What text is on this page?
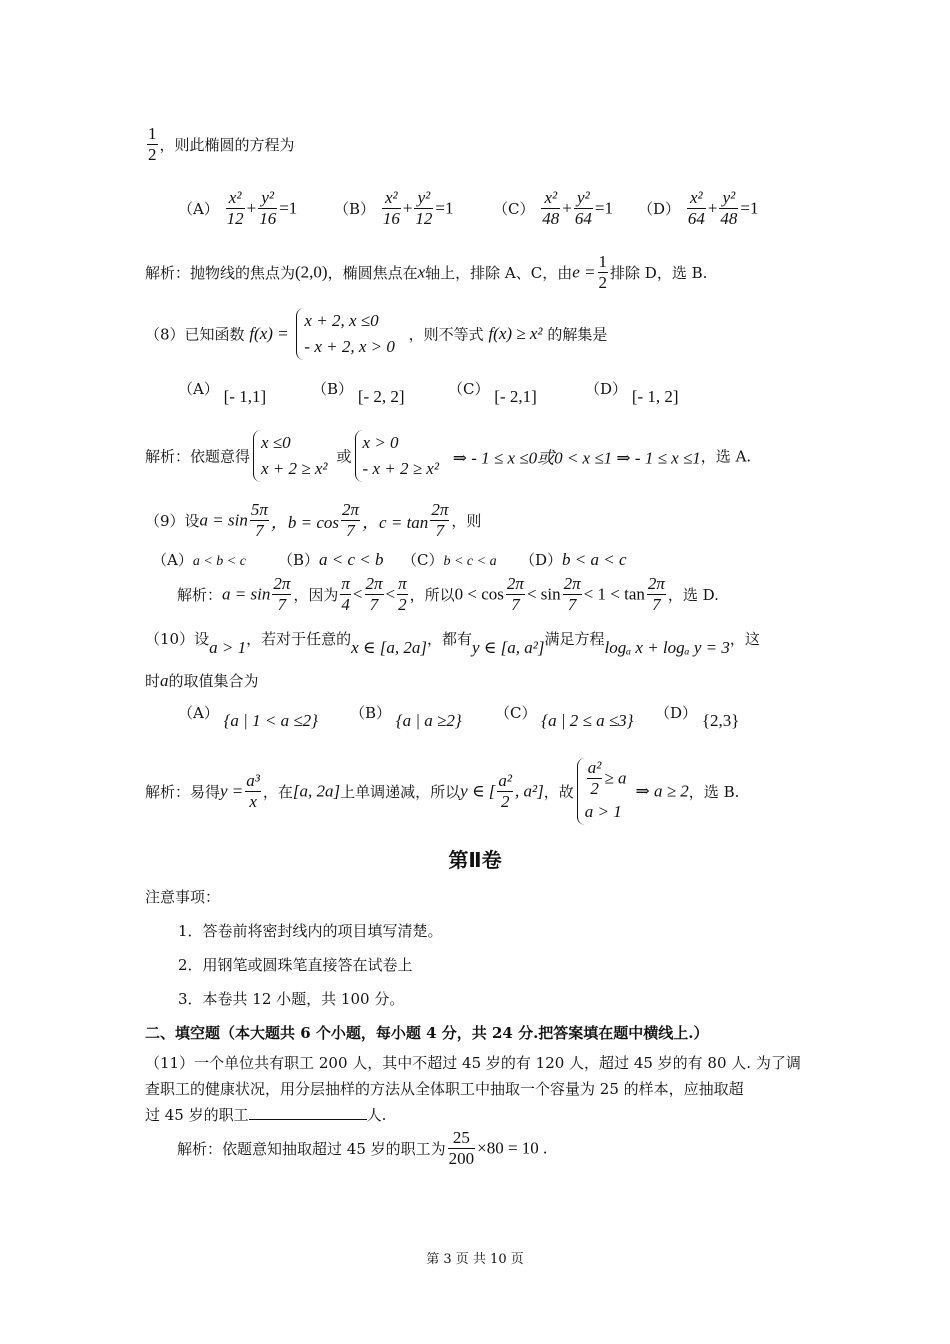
$\frac{1}{2}$ ，则此椭圆的方程为
$(A) \frac{\text{x²}}{12} + \frac{\text{y²}}{16} =1$ $(B) \frac{\text{x²}}{16} + \frac{\text{y²}}{12} =1$	$(C) \frac{\text{x²}}{48} + \frac{\text{y²}}{64} =1$ $(D) \frac{\text{x²}}{64} + \frac{\text{y²}}{48} =1$
解析：抛物线的焦点为(2,0)，椭圆焦点在x轴上，排除 A、C，由$e = \frac{1}{2}$ 排除 D，选 B.
（8）已知函数 f(x) =
x + 2, x ≤0
- x + 2, x > 0
，则不等式 f(x) ≥ x² 的解集是
（A） [- 1,1]	（B） [- 2, 2]	（C） [- 2,1]	（D） [- 1, 2]
解析：依题意得
x ≤0
x + 2 ≥ x²
或
x > 0
- x + 2 ≥ x²
⇒ - 1 ≤ x ≤0或0 < x ≤1 ⇒ - 1 ≤ x ≤1，选 A.
（9）设$a = \sin \frac{5\pi}{7}$ ，$b = \cos \frac{2\pi}{7}$ ，$c = \tan \frac{2\pi}{7}$ ，则
（A）a < b < c （B）a < c < b （C）b < c < a （D）b < a < c
解析：$a = \sin \frac{2\pi}{7}$ ，因为 $\frac{\pi}{4} < \frac{2\pi}{7} < \frac{\pi}{2}$ ，所以$0 < \cos \frac{2\pi}{7} < \sin \frac{2\pi}{7} < 1 < \tan \frac{2\pi}{7}$ ，选 D.
（10）设a > 1，若对于任意的x ∈ [a, 2a]，都有y ∈ [a, a²]满足方程logₐ x + logₐ y = 3，这
时a的取值集合为
（A） {a | 1 < a ≤2} （B） {a | a ≥2} （C） {a | 2 ≤ a ≤3} （D） {2,3}
解析：易得$y = \frac{\text{a³}}{x}$ ，在[a, 2a]上单调递减，所以y ∈ [ $\frac{\text{a²}}{2}$ , a²]，故 $\frac{\text{a²}}{2} \ge a$
a > 1
⇒ a ≥ 2，选 B.
第Ⅱ卷
注意事项：
1．答卷前将密封线内的项目填写清楚。
2．用钢笔或圆珠笔直接答在试卷上
3．本卷共 12 小题，共 100 分。
二、填空题（本大题共 6 个小题，每小题 4 分，共 24 分.把答案填在题中横线上.）
（11）一个单位共有职工 200 人，其中不超过 45 岁的有 120 人，超过 45 岁的有 80 人. 为了调
查职工的健康状况，用分层抽样的方法从全体职工中抽取一个容量为 25 的样本，应抽取超
过 45 岁的职工	人.
解析：依题意知抽取超过 45 岁的职工为 $\frac{25}{200} \times 80 = 10$ .
第 3 页 共 10 页
